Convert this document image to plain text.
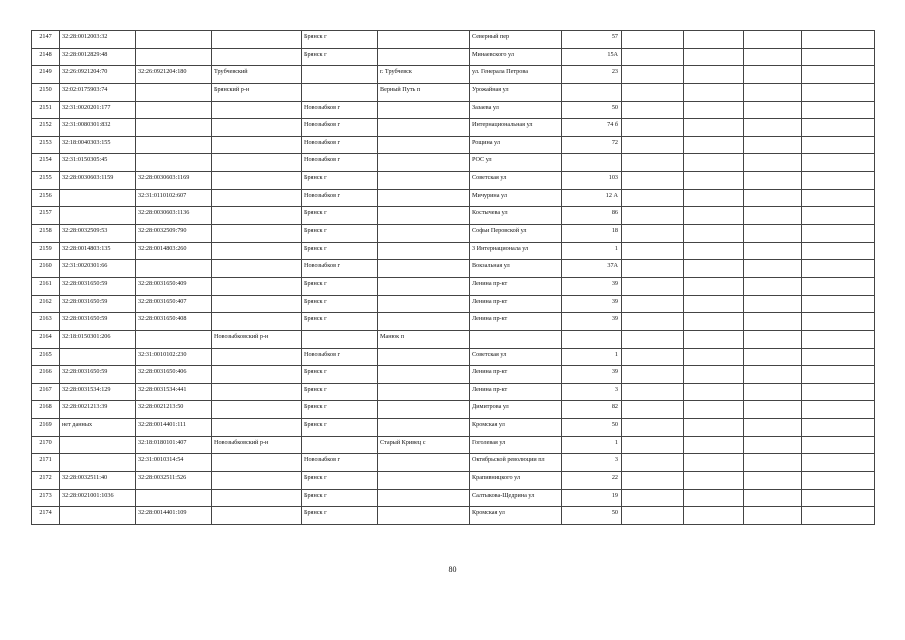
2147	32:28:0012003:32			Брянск г		Северный пер	57				
2148	32:28:0012829:48			Брянск г		Минаевского ул	15А				
2149	32:26:0921204:70	32:26:0921204:180	Трубчевский		г. Трубчевск	ул. Генерала Петрова	23				
2150	32:02:0175903:74		Брянский р-н		Верный Путь п	Урожайная ул					
2151	32:31:0020201:177			Новозыбков г		Зазаева ул	50				
2152	32:31:0080301:832			Новозыбков г		Интернациональная ул	74 б				
2153	32:18:0040303:155			Новозыбков г		Рощина ул	72				
2154	32:31:0150305:45			Новозыбков г		РОС ул					
2155	32:28:0030603:1159	32:28:0030603:1169		Брянск г		Советская ул	103				
2156		32:31:0110102:607		Новозыбков г		Мичурина ул	12 А				
2157		32:28:0030603:1136		Брянск г		Костычева ул	86				
2158	32:28:0032509:53	32:28:0032509:790		Брянск г		Софьи Перовской ул	18				
2159	32:28:0014803:135	32:28:0014803:260		Брянск г		3 Интернационала ул	1				
2160	32:31:0020301:66			Новозыбков г		Вокзальная ул	37А				
2161	32:28:0031650:59	32:28:0031650:409		Брянск г		Ленина пр-кт	39				
2162	32:28:0031650:59	32:28:0031650:407		Брянск г		Ленина пр-кт	39				
2163	32:28:0031650:59	32:28:0031650:408		Брянск г		Ленина пр-кт	39				
2164	32:18:0150301:206		Новозыбковский р-н		Манюк п						
2165		32:31:0010102:230		Новозыбков г		Советская ул	1				
2166	32:28:0031650:59	32:28:0031650:406		Брянск г		Ленина пр-кт	39				
2167	32:28:0031534:129	32:28:0031534:441		Брянск г		Ленина пр-кт	3				
2168	32:28:0021213:39	32:28:0021213:50		Брянск г		Димитрова ул	82				
2169	нет данных	32:28:0014401:111		Брянск г		Кромская ул	50				
2170		32:18:0180101:407	Новозыбковский р-н		Старый Кривец с	Гоголевая ул	1				
2171		32:31:0010314:54		Новозыбков г		Октябрьской революции пл	3				
2172	32:28:0032511:40	32:28:0032511:526		Брянск г		Крапивницкого ул	22				
2173	32:28:0021001:1036			Брянск г		Салтыкова-Щедрина ул	19				
2174		32:28:0014401:109		Брянск г		Кромская ул	50				
80
